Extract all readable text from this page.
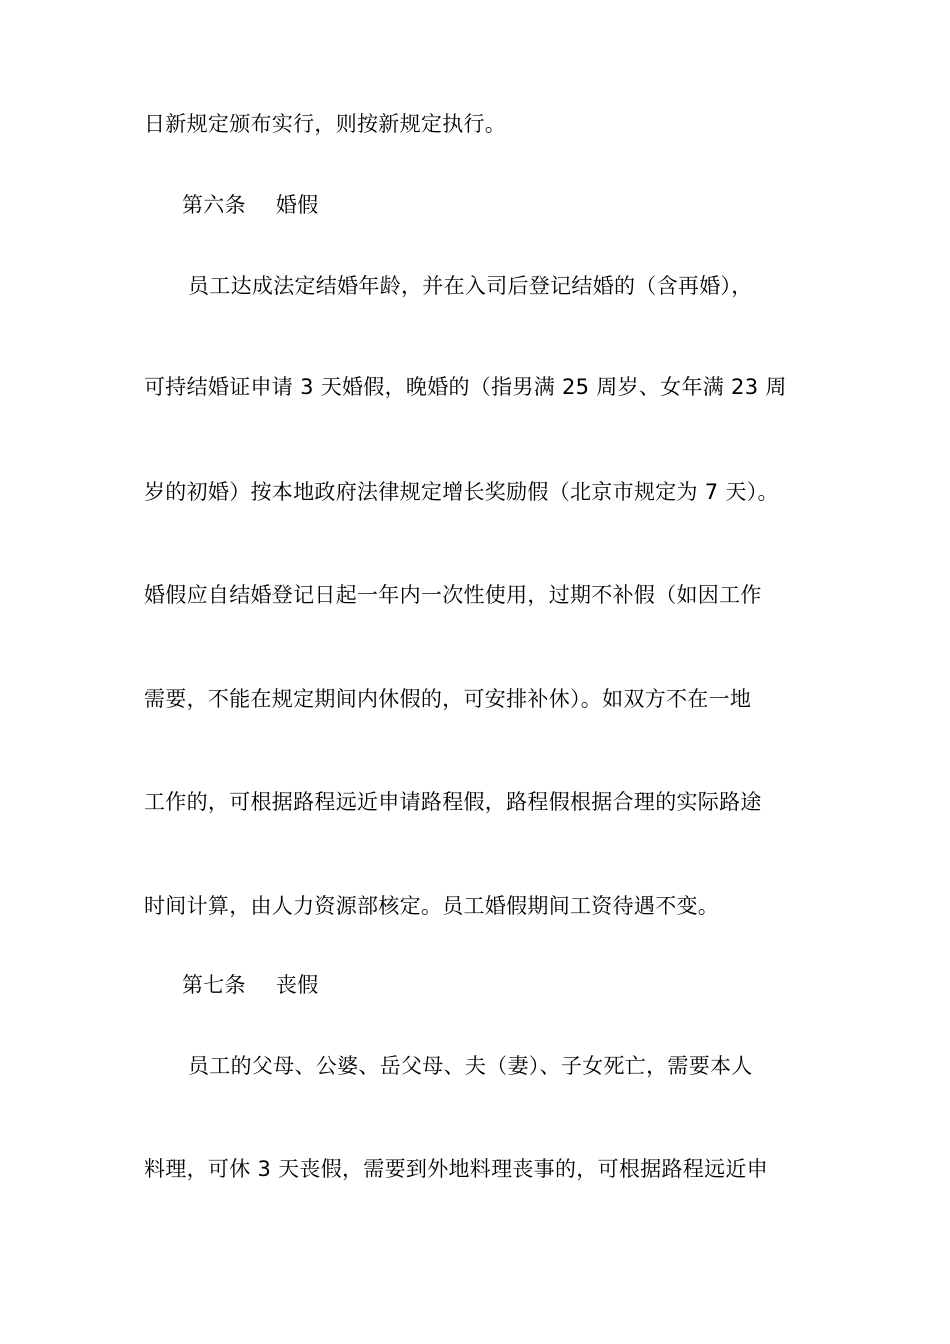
日新规定颁布实行，则按新规定执行。
第六条 婚假
员工达成法定结婚年龄，并在入司后登记结婚的（含再婚），
可持结婚证申请 3 天婚假，晚婚的（指男满 25 周岁、女年满 23 周
岁的初婚）按本地政府法律规定增长奖励假（北京市规定为 7 天）。
婚假应自结婚登记日起一年内一次性使用，过期不补假（如因工作
需要，不能在规定期间内休假的，可安排补休）。如双方不在一地
工作的，可根据路程远近申请路程假，路程假根据合理的实际路途
时间计算，由人力资源部核定。员工婚假期间工资待遇不变。
第七条 丧假
员工的父母、公婆、岳父母、夫（妻）、子女死亡，需要本人
料理，可休 3 天丧假，需要到外地料理丧事的，可根据路程远近申
